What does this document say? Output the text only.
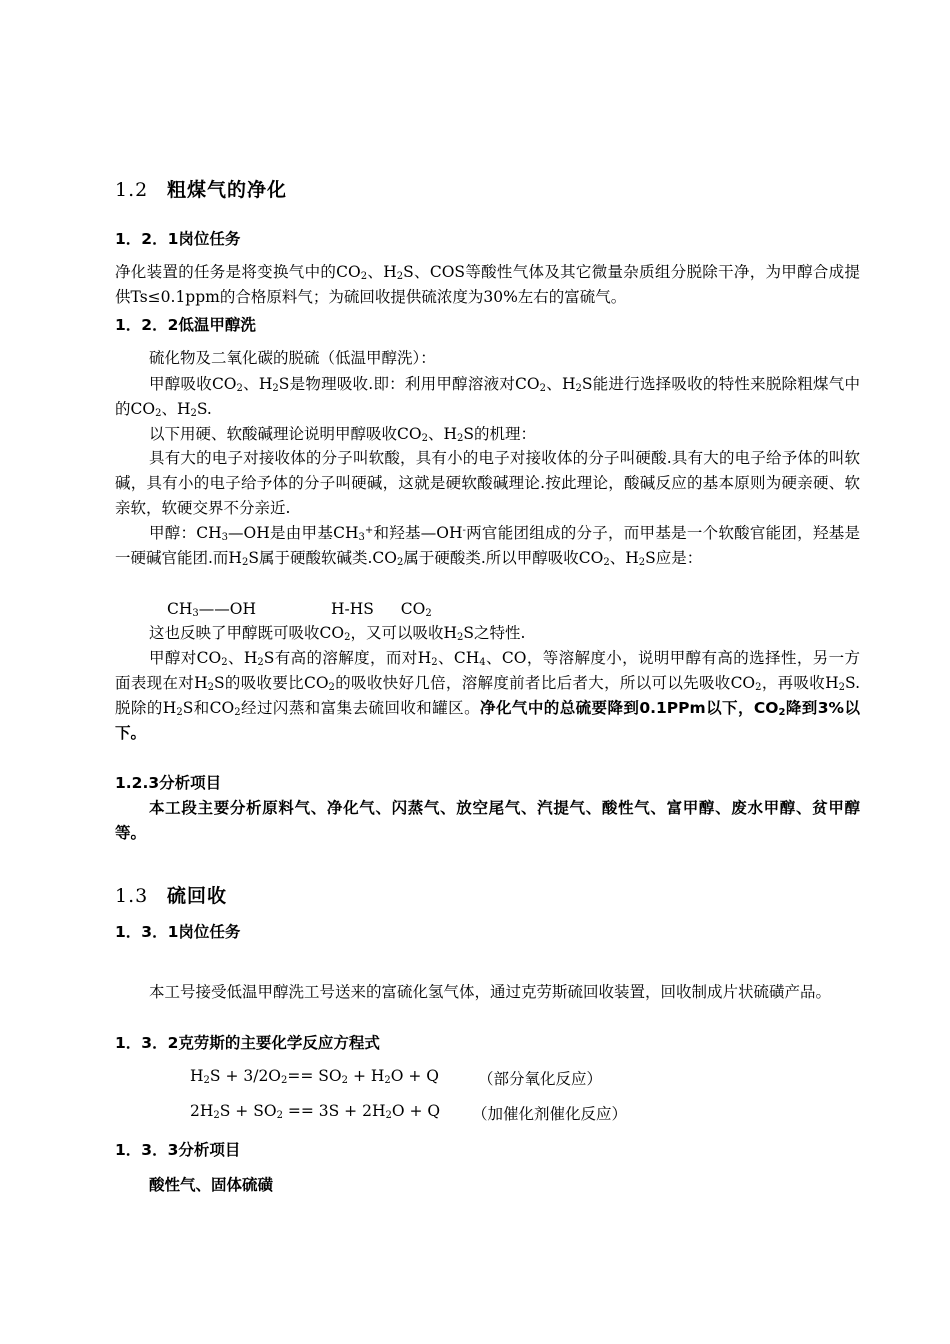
1.2 粗煤气的净化
1．2．1岗位任务
净化装置的任务是将变换气中的$CO_2$、$H_2S$、COS等酸性气体及其它微量杂质组分脱除干净，为甲醇合成提供Ts≤0.1ppm的合格原料气；为硫回收提供硫浓度为30%左右的富硫气。
1．2．2低温甲醇洗
硫化物及二氧化碳的脱硫（低温甲醇洗）：
甲醇吸收$CO_2$、$H_2S$是物理吸收.即：利用甲醇溶液对$CO_2$、$H_2S$能进行选择吸收的特性来脱除粗煤气中的$CO_2$、$H_2S$.
以下用硬、软酸碱理论说明甲醇吸收$CO_2$、$H_2S$的机理：
具有大的电子对接收体的分子叫软酸，具有小的电子对接收体的分子叫硬酸.具有大的电子给予体的叫软碱，具有小的电子给予体的分子叫硬碱，这就是硬软酸碱理论.按此理论，酸碱反应的基本原则为硬亲硬、软亲软，软硬交界不分亲近.
甲醇：$CH_3—OH$是由甲基$CH_3^+$和羟基—OH-两官能团组成的分子，而甲基是一个软酸官能团，羟基是一硬碱官能团.而$H_2S$属于硬酸软碱类$.CO_2$属于硬酸类.所以甲醇吸收$CO_2$、$H_2S$应是：
$CH_3——OH$	H-HS $CO_2$
这也反映了甲醇既可吸收$CO_2$，又可以吸收$H_2S$之特性.
甲醇对$CO_2$、$H_2S$有高的溶解度，而对$H_2$、$CH_4$、CO，等溶解度小，说明甲醇有高的选择性，另一方面表现在对$H_2S$的吸收要比$CO_2$的吸收快好几倍，溶解度前者比后者大，所以可以先吸收$CO_2$，再吸收$H_2S$.脱除的$H_2S$和$CO_2$经过闪蒸和富集去硫回收和罐区。净化气中的总硫要降到0.1PPm以下，$CO_2$降到3%以下。
1.2.3分析项目
本工段主要分析原料气、净化气、闪蒸气、放空尾气、汽提气、酸性气、富甲醇、废水甲醇、贫甲醇等。
1.3 硫回收
1．3．1岗位任务
本工号接受低温甲醇洗工号送来的富硫化氢气体，通过克劳斯硫回收装置，回收制成片状硫磺产品。
1．3．2克劳斯的主要化学反应方程式
$H_2S + 3/2O_2== SO_2 + H_2O + Q$	（部分氧化反应）
$2H_2S + SO_2 == 3S + 2H_2O + Q$ （加催化剂催化反应）
1．3．3分析项目
酸性气、固体硫磺
